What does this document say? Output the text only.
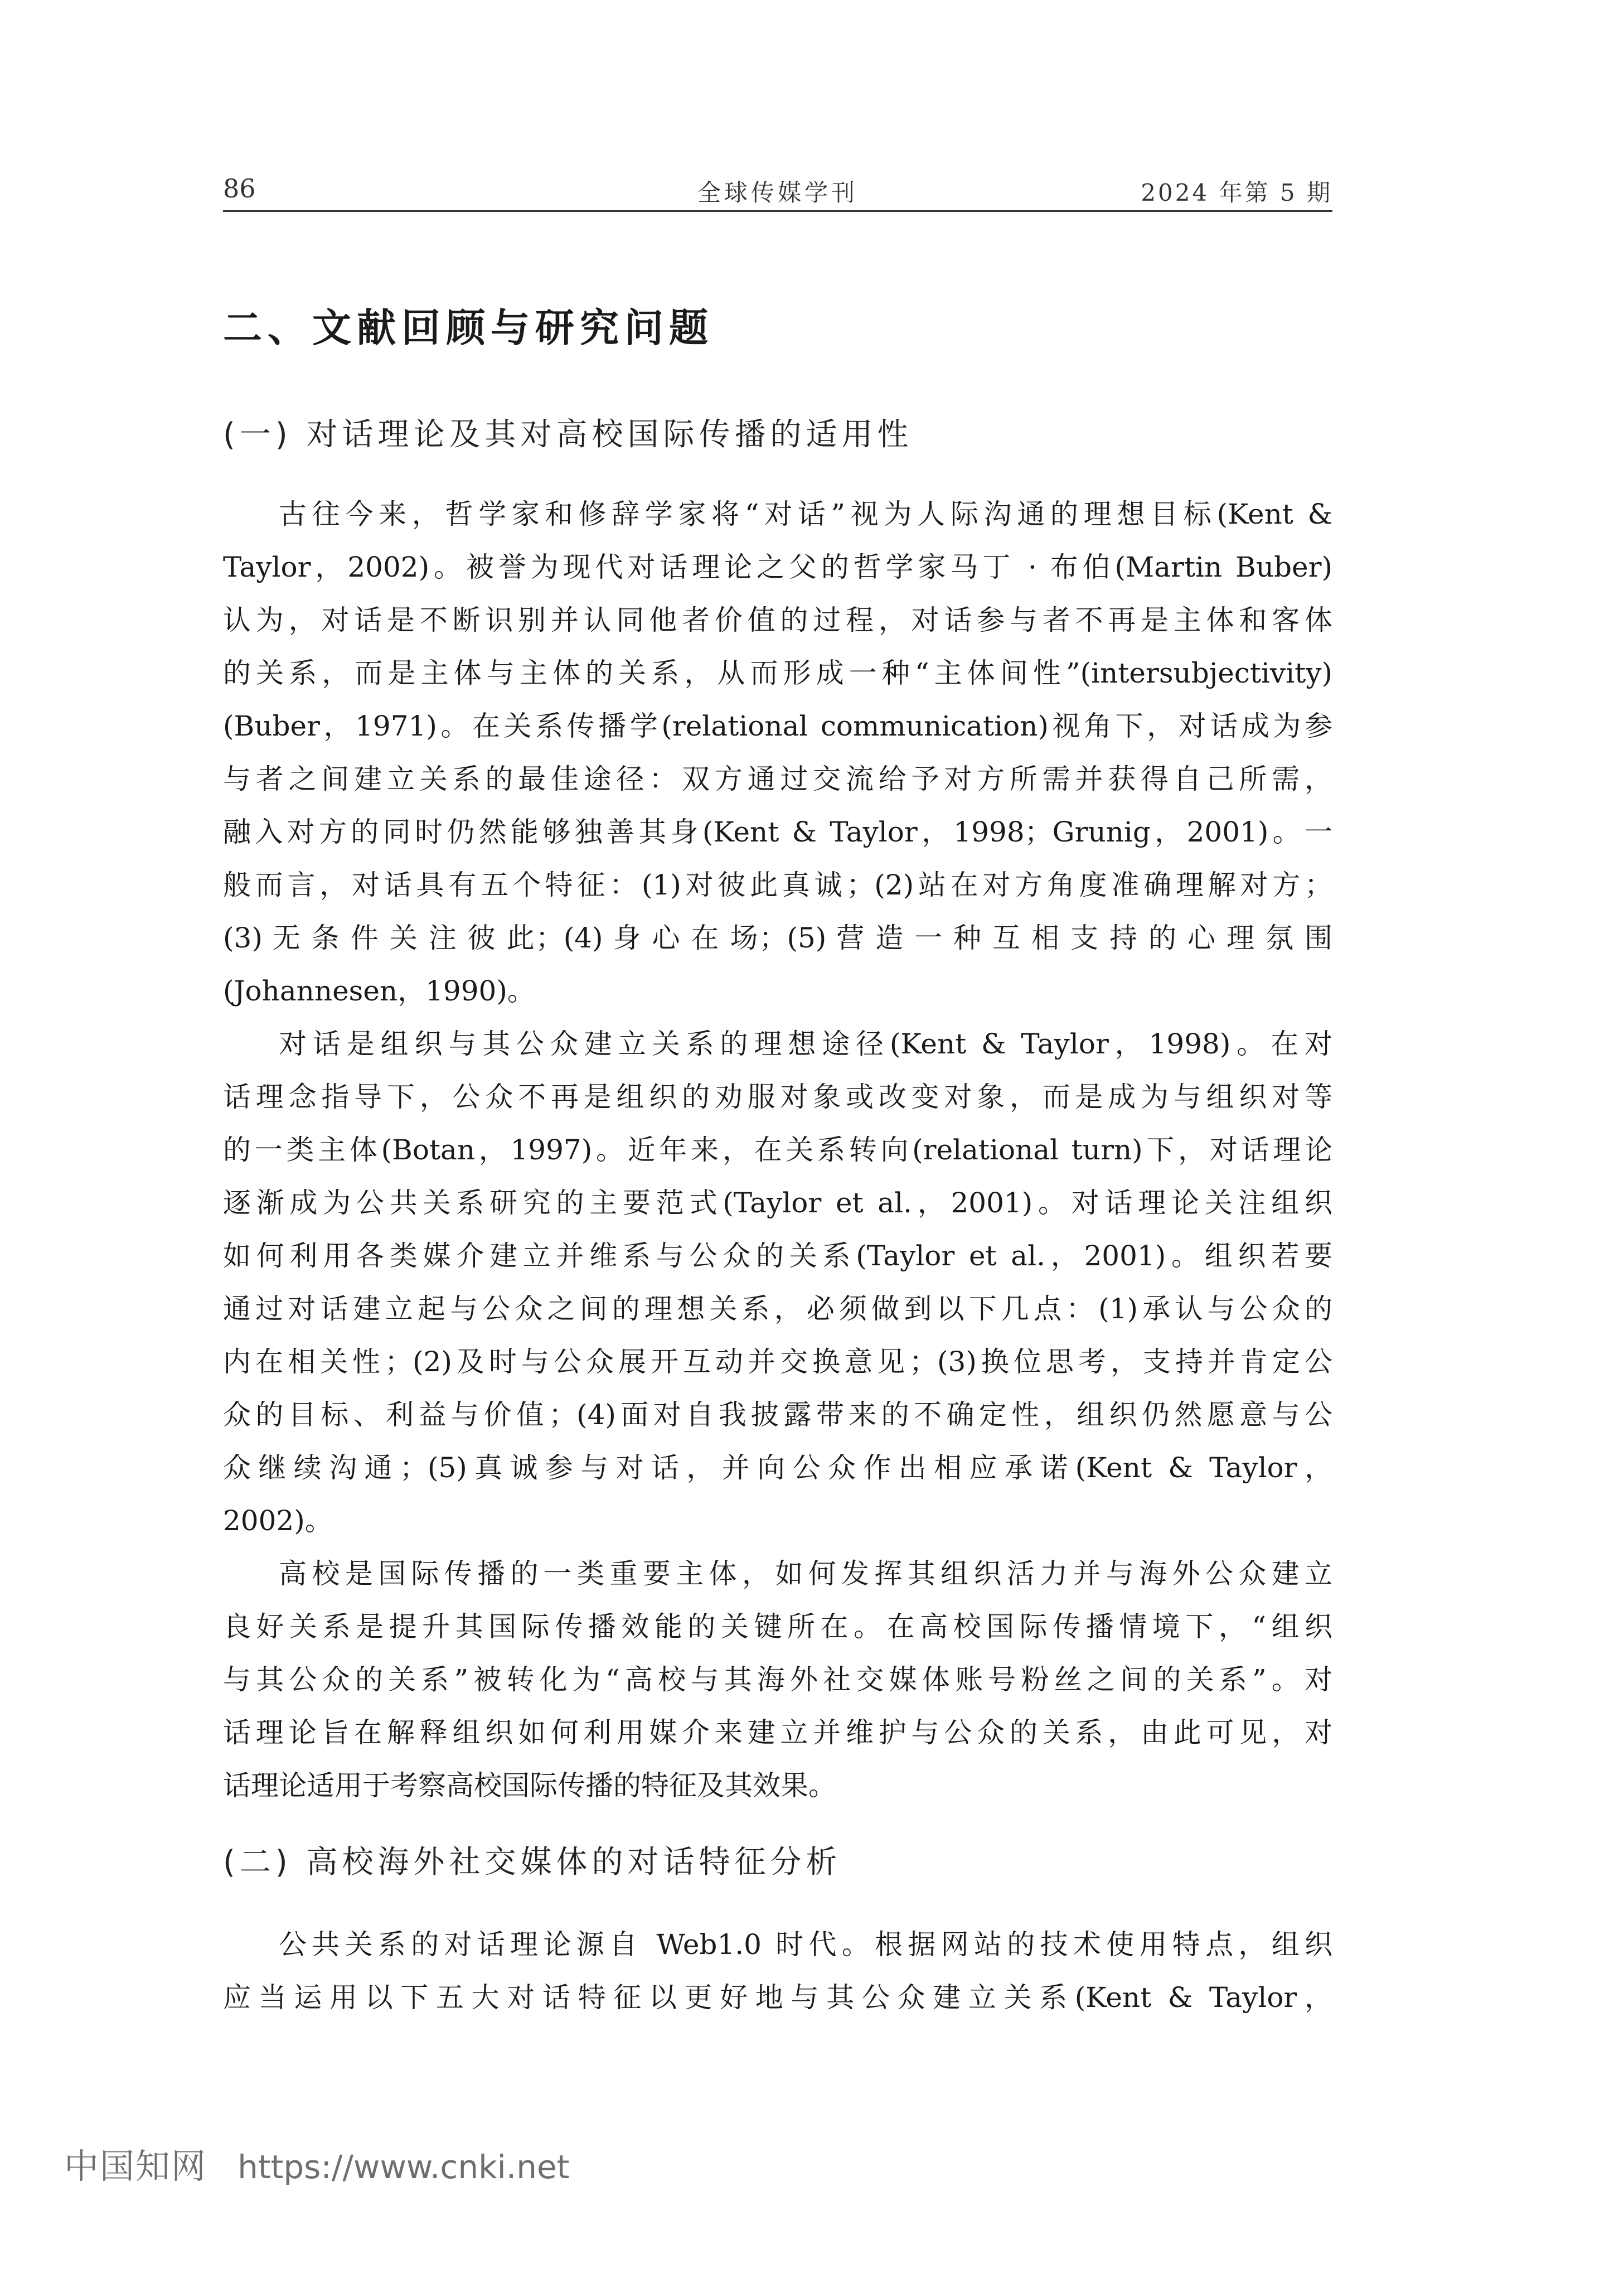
86	全球传媒学刊	2024 年第 5 期
二、文献回顾与研究问题
(一) 对话理论及其对高校国际传播的适用性
古往今来，哲学家和修辞学家将“对话”视为人际沟通的理想目标(Kent &
Taylor，2002)。被誉为现代对话理论之父的哲学家马丁 · 布伯(Martin Buber)
认为，对话是不断识别并认同他者价值的过程，对话参与者不再是主体和客体
的关系，而是主体与主体的关系，从而形成一种“主体间性”(intersubjectivity)
(Buber，1971)。在关系传播学(relational communication)视角下，对话成为参
与者之间建立关系的最佳途径：双方通过交流给予对方所需并获得自己所需，
融入对方的同时仍然能够独善其身(Kent & Taylor，1998；Grunig，2001)。一
般而言，对话具有五个特征：(1)对彼此真诚；(2)站在对方角度准确理解对方；
(3) 无 条 件 关 注 彼 此；(4) 身 心 在 场；(5) 营 造 一 种 互 相 支 持 的 心 理 氛 围
(Johannesen，1990)。
对话是组织与其公众建立关系的理想途径(Kent & Taylor，1998)。在对
话理念指导下，公众不再是组织的劝服对象或改变对象，而是成为与组织对等
的一类主体(Botan，1997)。近年来，在关系转向(relational turn)下，对话理论
逐渐成为公共关系研究的主要范式(Taylor et al.，2001)。对话理论关注组织
如何利用各类媒介建立并维系与公众的关系(Taylor et al.，2001)。组织若要
通过对话建立起与公众之间的理想关系，必须做到以下几点：(1)承认与公众的
内在相关性；(2)及时与公众展开互动并交换意见；(3)换位思考，支持并肯定公
众的目标、利益与价值；(4)面对自我披露带来的不确定性，组织仍然愿意与公
众继续沟通；(5)真诚参与对话，并向公众作出相应承诺(Kent & Taylor，
2002)。
高校是国际传播的一类重要主体，如何发挥其组织活力并与海外公众建立
良好关系是提升其国际传播效能的关键所在。在高校国际传播情境下，“组织
与其公众的关系”被转化为“高校与其海外社交媒体账号粉丝之间的关系”。对
话理论旨在解释组织如何利用媒介来建立并维护与公众的关系，由此可见，对
话理论适用于考察高校国际传播的特征及其效果。
(二) 高校海外社交媒体的对话特征分析
公共关系的对话理论源自 Web1.0 时代。根据网站的技术使用特点，组织
应当运用以下五大对话特征以更好地与其公众建立关系(Kent & Taylor，
中国知网 https://www.cnki.net
